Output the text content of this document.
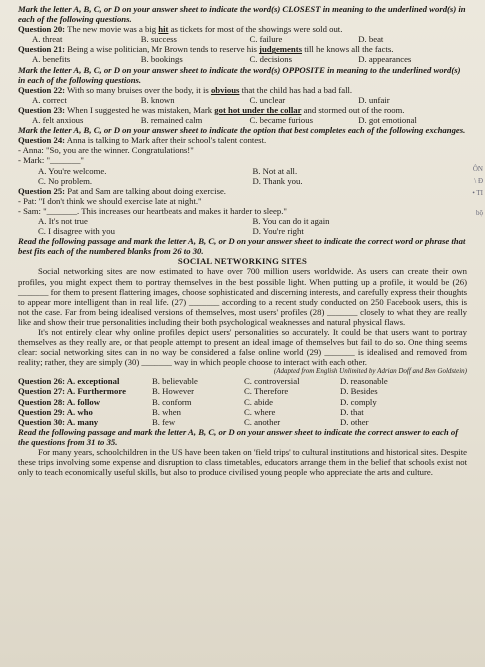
Mark the letter A, B, C, or D on your answer sheet to indicate the word(s) CLOSEST in meaning to the underlined word(s) in each of the following questions.
Question 20: The new movie was a big hit as tickets for most of the showings were sold out.
A. threat	B. success	C. failure	D. beat
Question 21: Being a wise politician, Mr Brown tends to reserve his judgements till he knows all the facts.
A. benefits	B. bookings	C. decisions	D. appearances
Mark the letter A, B, C, or D on your answer sheet to indicate the word(s) OPPOSITE in meaning to the underlined word(s) in each of the following questions.
Question 22: With so many bruises over the body, it is obvious that the child has had a bad fall.
A. correct	B. known	C. unclear	D. unfair
Question 23: When I suggested he was mistaken, Mark got hot under the collar and stormed out of the room.
A. felt anxious	B. remained calm	C. became furious	D. got emotional
Mark the letter A, B, C, or D on your answer sheet to indicate the option that best completes each of the following exchanges.
Question 24: Anna is talking to Mark after their school's talent contest.
- Anna: "So, you are the winner. Congratulations!"
- Mark: "_______"
A. You're welcome.	B. Not at all.
C. No problem.	D. Thank you.
Question 25: Pat and Sam are talking about doing exercise.
- Pat: "I don't think we should exercise late at night."
- Sam: "_______. This increases our heartbeats and makes it harder to sleep."
A. It's not true	B. You can do it again
C. I disagree with you	D. You're right
Read the following passage and mark the letter A, B, C, or D on your answer sheet to indicate the correct word or phrase that best fits each of the numbered blanks from 26 to 30.
SOCIAL NETWORKING SITES
Social networking sites are now estimated to have over 700 million users worldwide. As users can create their own profiles, you might expect them to portray themselves in the best possible light. When putting up a profile, it would be (26) _______ for them to present flattering images, choose sophisticated and discerning interests, and carefully express their thoughts to appear more intelligent than in real life. (27) _______ according to a recent study conducted on 250 Facebook users, this is not the case. Far from being idealised versions of themselves, most users' profiles (28) _______ closely to what they are really like and show their true personalities including their both psychological weaknesses and natural physical flaws.
It's not entirely clear why online profiles depict users' personalities so accurately. It could be that users want to portray themselves as they really are, or that people attempt to present an ideal image of themselves but fail to do so. One thing seems clear: social networking sites can in no way be considered a false online world (29) _______ is idealised and removed from reality; rather, they are simply (30) _______ way in which people choose to interact with each other.
(Adapted from English Unlimited by Adrian Doff and Ben Goldstein)
Question 26: A. exceptional	B. believable	C. controversial	D. reasonable
Question 27: A. Furthermore	B. However	C. Therefore	D. Besides
Question 28: A. follow	B. conform	C. abide	D. comply
Question 29: A. who	B. when	C. where	D. that
Question 30: A. many	B. few	C. another	D. other
Read the following passage and mark the letter A, B, C, or D on your answer sheet to indicate the correct answer to each of the questions from 31 to 35.
For many years, schoolchildren in the US have been taken on 'field trips' to cultural institutions and historical sites. Despite these trips involving some expense and disruption to class timetables, educators arrange them in the belief that schools exist not only to teach economically useful skills, but also to produce civilised young people who appreciate the arts and culture.
ÔN
\ Đ
• TI
bộ
